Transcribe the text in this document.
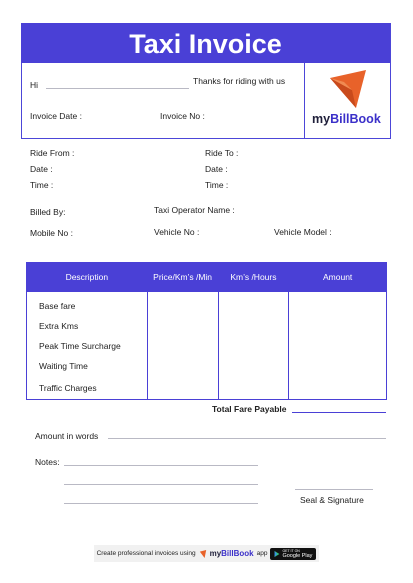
Taxi Invoice
Hi	Thanks for riding with us
Invoice Date :	Invoice No :	myBillBook
Ride From :	Ride To :
Date :	Date :
Time :	Time :
Billed By:	Taxi Operator Name :
Mobile No :	Vehicle No :	Vehicle Model :
Description	Price/Km’s /Min	Km’s /Hours	Amount
Base fare			
Extra Kms			
Peak Time Surcharge			
Waiting Time			
Traffic Charges			
Total Fare Payable
Amount in words
Notes:
Seal & Signature
Create professional invoices using myBillBook app	GET IT ON
Google Play
